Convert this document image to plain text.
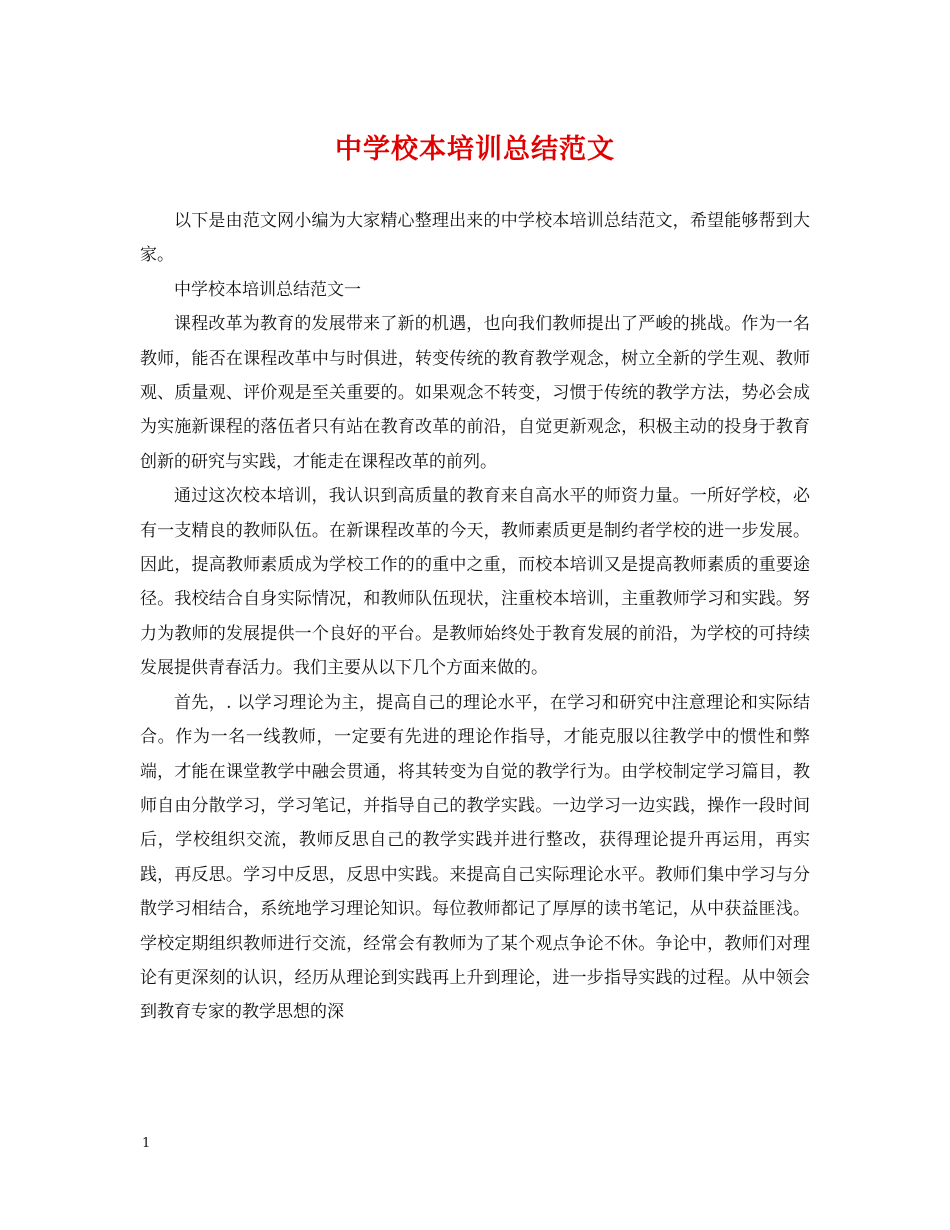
中学校本培训总结范文

以下是由范文网小编为大家精心整理出来的中学校本培训总结范文，希望能够帮到大家。

中学校本培训总结范文一

课程改革为教育的发展带来了新的机遇，也向我们教师提出了严峻的挑战。作为一名教师，能否在课程改革中与时俱进，转变传统的教育教学观念，树立全新的学生观、教师观、质量观、评价观是至关重要的。如果观念不转变，习惯于传统的教学方法，势必会成为实施新课程的落伍者只有站在教育改革的前沿，自觉更新观念，积极主动的投身于教育创新的研究与实践，才能走在课程改革的前列。

通过这次校本培训，我认识到高质量的教育来自高水平的师资力量。一所好学校，必有一支精良的教师队伍。在新课程改革的今天，教师素质更是制约者学校的进一步发展。因此，提高教师素质成为学校工作的的重中之重，而校本培训又是提高教师素质的重要途径。我校结合自身实际情况，和教师队伍现状，注重校本培训，主重教师学习和实践。努力为教师的发展提供一个良好的平台。是教师始终处于教育发展的前沿，为学校的可持续发展提供青春活力。我们主要从以下几个方面来做的。

首先，. 以学习理论为主，提高自己的理论水平，在学习和研究中注意理论和实际结合。作为一名一线教师，一定要有先进的理论作指导，才能克服以往教学中的惯性和弊端，才能在课堂教学中融会贯通，将其转变为自觉的教学行为。由学校制定学习篇目，教师自由分散学习，学习笔记，并指导自己的教学实践。一边学习一边实践，操作一段时间后，学校组织交流，教师反思自己的教学实践并进行整改，获得理论提升再运用，再实践，再反思。学习中反思，反思中实践。来提高自己实际理论水平。教师们集中学习与分散学习相结合，系统地学习理论知识。每位教师都记了厚厚的读书笔记，从中获益匪浅。学校定期组织教师进行交流，经常会有教师为了某个观点争论不休。争论中，教师们对理论有更深刻的认识，经历从理论到实践再上升到理论，进一步指导实践的过程。从中领会到教育专家的教学思想的深

1
